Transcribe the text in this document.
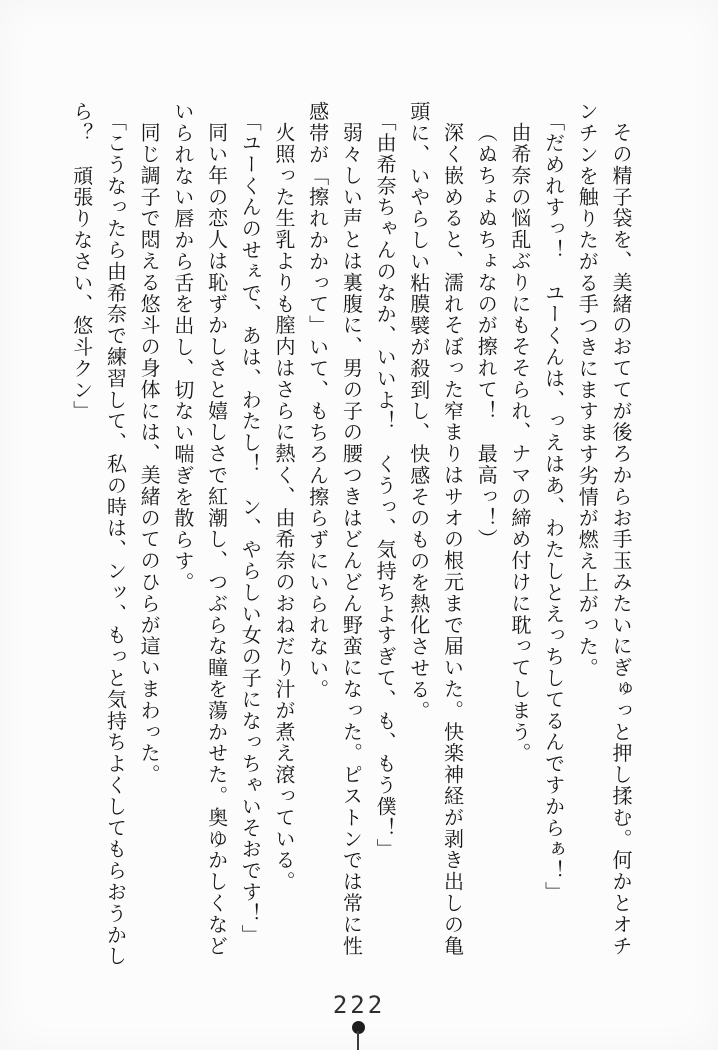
その精子袋を、美緒のおててが後ろからお手玉みたいにぎゅっと押し揉む。何かとオチ
ンチンを触りたがる手つきにますます劣情が燃え上がった。
「だめれすっ！　ユーくんは、っえはあ、わたしとえっちしてるんですからぁ！」
由希奈の悩乱ぶりにもそそられ、ナマの締め付けに耽ってしまう。
（ぬちょぬちょなのが擦れて！　最高っ！）
深く嵌めると、濡れそぼった窄まりはサオの根元まで届いた。快楽神経が剥き出しの亀
頭に、いやらしい粘膜襞が殺到し、快感そのものを熱化させる。
「由希奈ちゃんのなか、いいよ！　くうっ、気持ちよすぎて、も、もう僕！」
弱々しい声とは裏腹に、男の子の腰つきはどんどん野蛮になった。ピストンでは常に性
感帯が「擦れかかって」いて、もちろん擦らずにいられない。
火照った生乳よりも膣内はさらに熱く、由希奈のおねだり汁が煮え滾っている。
「ユーくんのせぇで、あは、わたし！　ン、やらしい女の子になっちゃいそおです！」
同い年の恋人は恥ずかしさと嬉しさで紅潮し、つぶらな瞳を蕩かせた。奥ゆかしくなど
いられない唇から舌を出し、切ない喘ぎを散らす。
同じ調子で悶える悠斗の身体には、美緒のてのひらが這いまわった。
「こうなったら由希奈で練習して、私の時は、ンッ、もっと気持ちよくしてもらおうかし
ら？　頑張りなさい、悠斗クン」
222
